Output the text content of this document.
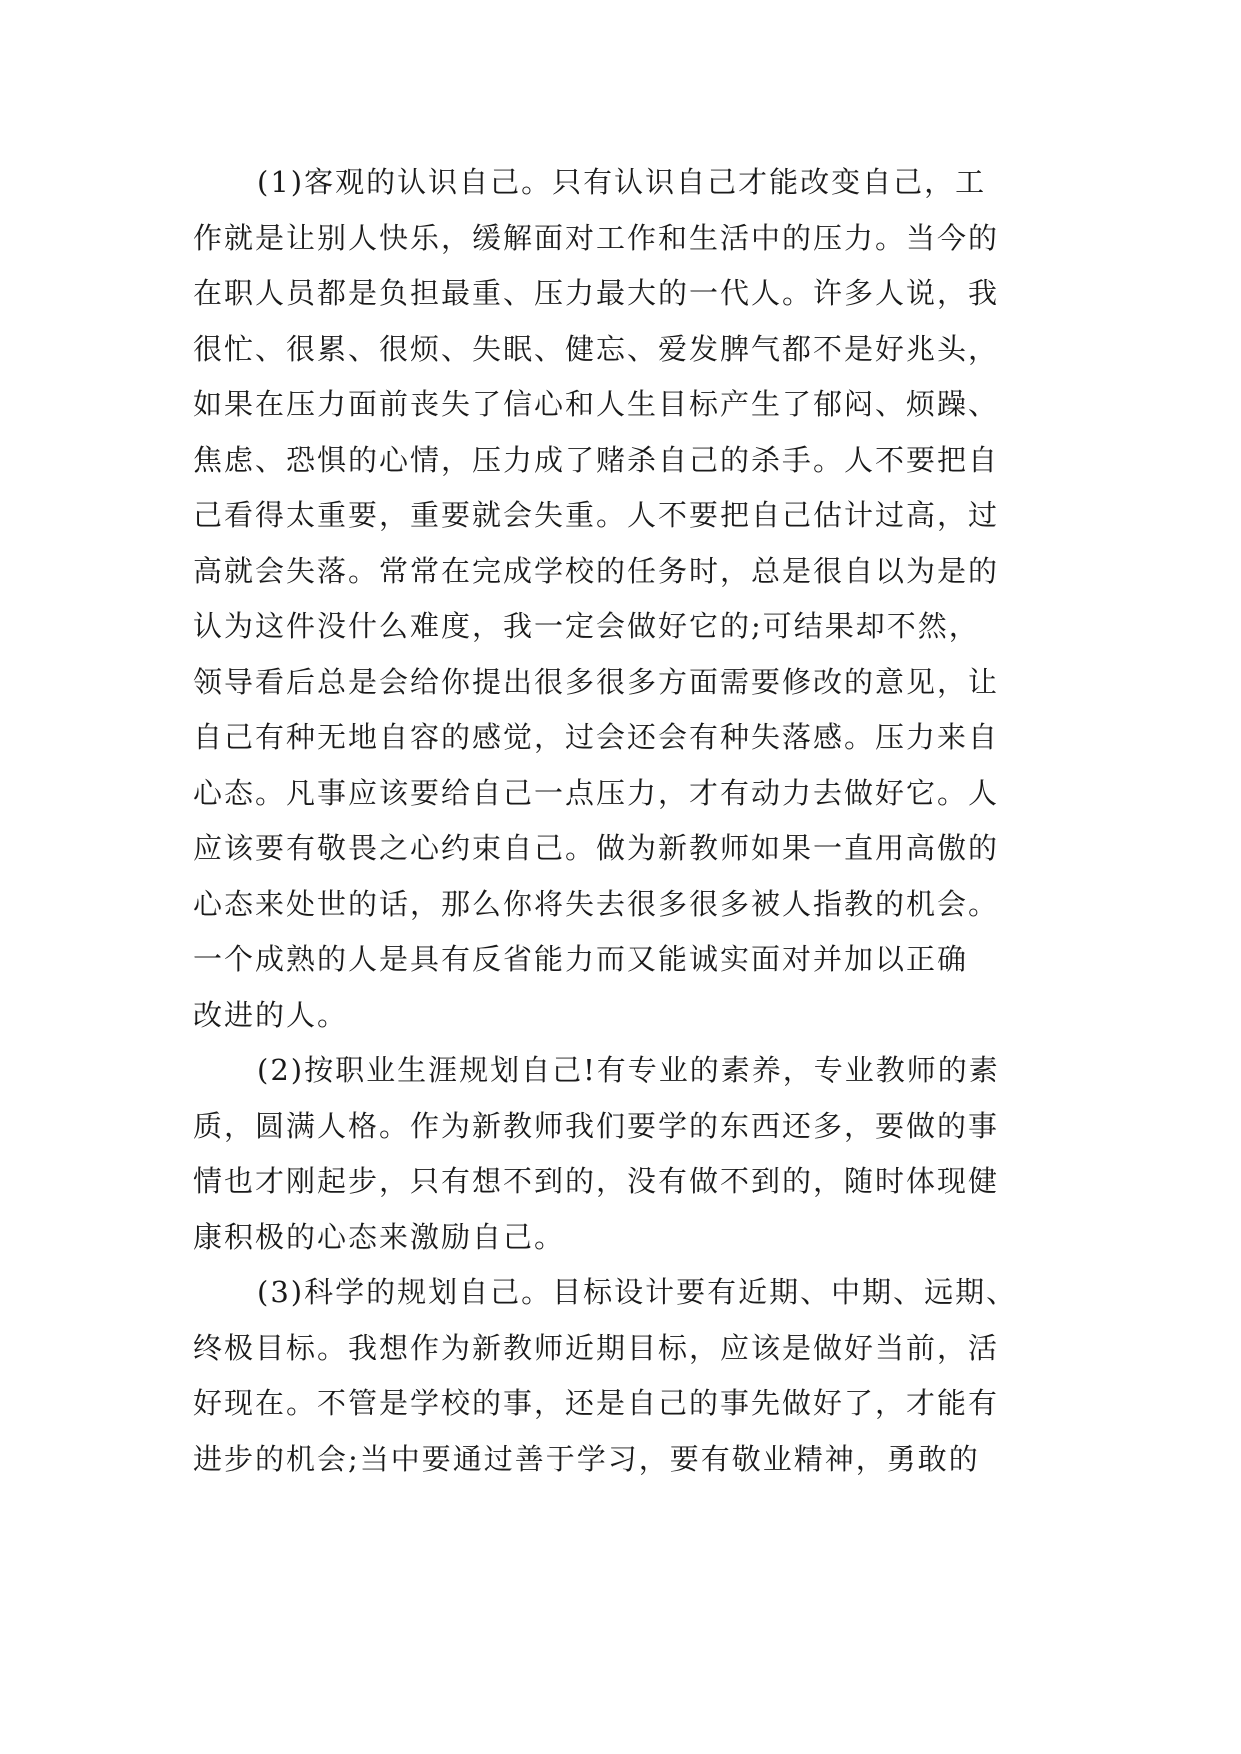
(1)客观的认识自己。只有认识自己才能改变自己，工
作就是让别人快乐，缓解面对工作和生活中的压力。当今的
在职人员都是负担最重、压力最大的一代人。许多人说，我
很忙、很累、很烦、失眠、健忘、爱发脾气都不是好兆头，
如果在压力面前丧失了信心和人生目标产生了郁闷、烦躁、
焦虑、恐惧的心情，压力成了赌杀自己的杀手。人不要把自
己看得太重要，重要就会失重。人不要把自己估计过高，过
高就会失落。常常在完成学校的任务时，总是很自以为是的
认为这件没什么难度，我一定会做好它的;可结果却不然，
领导看后总是会给你提出很多很多方面需要修改的意见，让
自己有种无地自容的感觉，过会还会有种失落感。压力来自
心态。凡事应该要给自己一点压力，才有动力去做好它。人
应该要有敬畏之心约束自己。做为新教师如果一直用高傲的
心态来处世的话，那么你将失去很多很多被人指教的机会。
一个成熟的人是具有反省能力而又能诚实面对并加以正确
改进的人。
(2)按职业生涯规划自己!有专业的素养，专业教师的素
质，圆满人格。作为新教师我们要学的东西还多，要做的事
情也才刚起步，只有想不到的，没有做不到的，随时体现健
康积极的心态来激励自己。
(3)科学的规划自己。目标设计要有近期、中期、远期、
终极目标。我想作为新教师近期目标，应该是做好当前，活
好现在。不管是学校的事，还是自己的事先做好了，才能有
进步的机会;当中要通过善于学习，要有敬业精神，勇敢的
